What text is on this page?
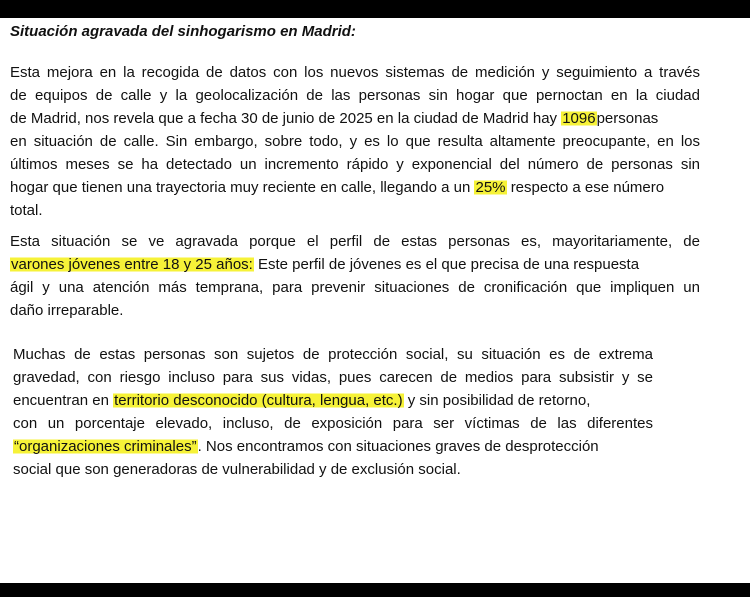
Situación agravada del sinhogarismo en Madrid:
Esta mejora en la recogida de datos con los nuevos sistemas de medición y seguimiento a través
de equipos de calle y la geolocalización de las personas sin hogar que pernoctan en la ciudad
de Madrid, nos revela que a fecha 30 de junio de 2025 en la ciudad de Madrid hay 1096personas
en situación de calle. Sin embargo, sobre todo, y es lo que resulta altamente preocupante, en los
últimos meses se ha detectado un incremento rápido y exponencial del número de personas sin
hogar que tienen una trayectoria muy reciente en calle, llegando a un 25% respecto a ese número
total.
Esta situación se ve agravada porque el perfil de estas personas es, mayoritariamente, de
varones jóvenes entre 18 y 25 años: Este perfil de jóvenes es el que precisa de una respuesta
ágil y una atención más temprana, para prevenir situaciones de cronificación que impliquen un
daño irreparable.
Muchas de estas personas son sujetos de protección social, su situación es de extrema
gravedad, con riesgo incluso para sus vidas, pues carecen de medios para subsistir y se
encuentran en territorio desconocido (cultura, lengua, etc.) y sin posibilidad de retorno,
con un porcentaje elevado, incluso, de exposición para ser víctimas de las diferentes
“organizaciones criminales”. Nos encontramos con situaciones graves de desprotección
social que son generadoras de vulnerabilidad y de exclusión social.
